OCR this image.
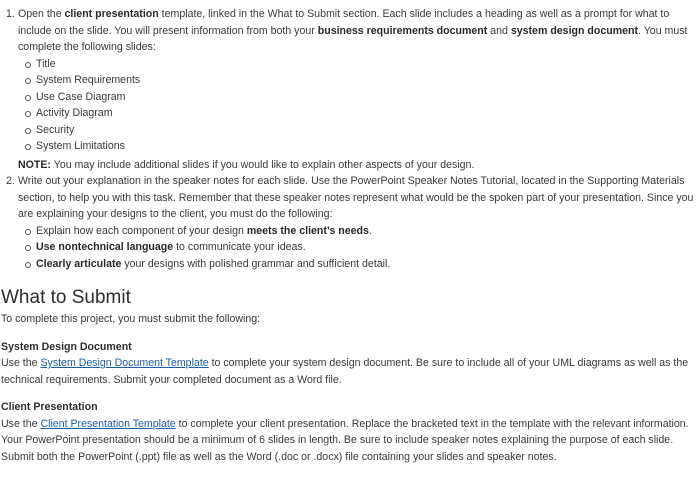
1. Open the client presentation template, linked in the What to Submit section. Each slide includes a heading as well as a prompt for what to include on the slide. You will present information from both your business requirements document and system design document. You must complete the following slides:
Title
System Requirements
Use Case Diagram
Activity Diagram
Security
System Limitations
NOTE: You may include additional slides if you would like to explain other aspects of your design.
2. Write out your explanation in the speaker notes for each slide. Use the PowerPoint Speaker Notes Tutorial, located in the Supporting Materials section, to help you with this task. Remember that these speaker notes represent what would be the spoken part of your presentation. Since you are explaining your designs to the client, you must do the following:
Explain how each component of your design meets the client’s needs.
Use nontechnical language to communicate your ideas.
Clearly articulate your designs with polished grammar and sufficient detail.
What to Submit
To complete this project, you must submit the following:
System Design Document
Use the System Design Document Template to complete your system design document. Be sure to include all of your UML diagrams as well as the technical requirements. Submit your completed document as a Word file.
Client Presentation
Use the Client Presentation Template to complete your client presentation. Replace the bracketed text in the template with the relevant information. Your PowerPoint presentation should be a minimum of 6 slides in length. Be sure to include speaker notes explaining the purpose of each slide. Submit both the PowerPoint (.ppt) file as well as the Word (.doc or .docx) file containing your slides and speaker notes.
